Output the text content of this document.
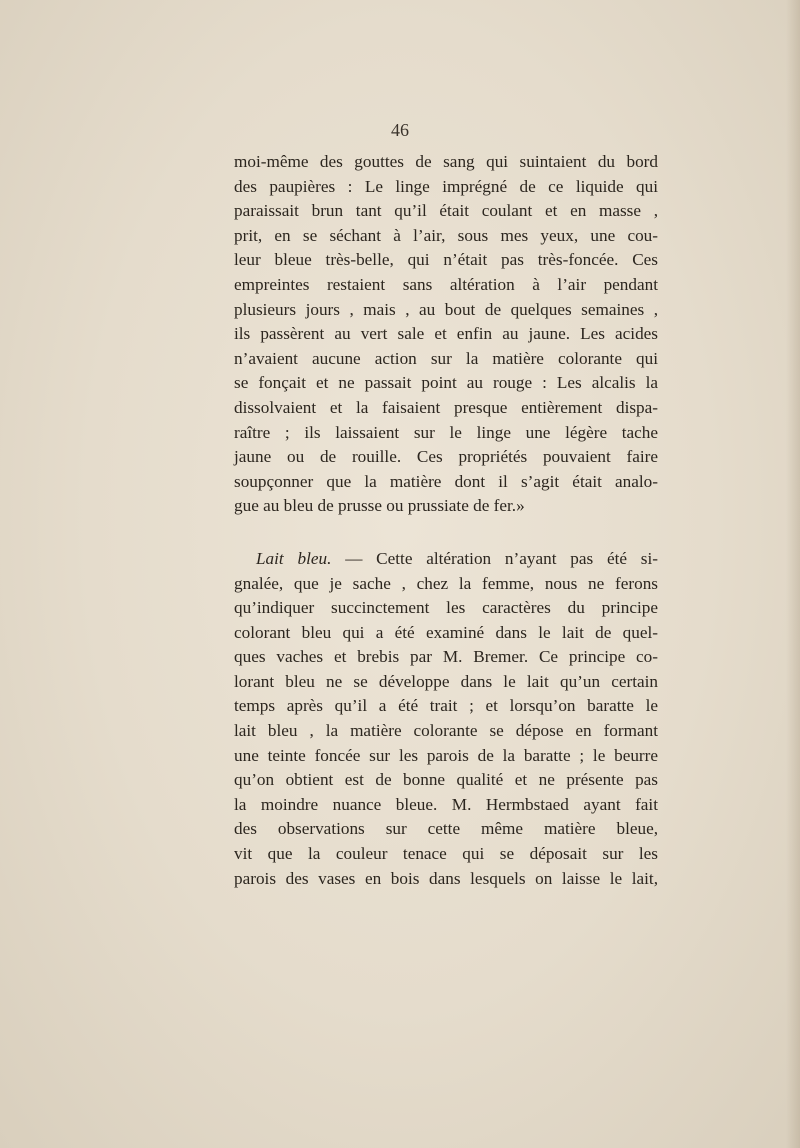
46
moi-même des gouttes de sang qui suintaient du bord
des paupières : Le linge imprégné de ce liquide qui
paraissait brun tant qu’il était coulant et en masse ,
prit, en se séchant à l’air, sous mes yeux, une cou-
leur bleue très-belle, qui n’était pas très-foncée. Ces
empreintes restaient sans altération à l’air pendant
plusieurs jours , mais , au bout de quelques semaines ,
ils passèrent au vert sale et enfin au jaune. Les acides
n’avaient aucune action sur la matière colorante qui
se fonçait et ne passait point au rouge : Les alcalis la
dissolvaient et la faisaient presque entièrement dispa-
raître ; ils laissaient sur le linge une légère tache
jaune ou de rouille. Ces propriétés pouvaient faire
soupçonner que la matière dont il s’agit était analo-
gue au bleu de prusse ou prussiate de fer.»
Lait bleu. — Cette altération n’ayant pas été si-
gnalée, que je sache , chez la femme, nous ne ferons
qu’indiquer succinctement les caractères du principe
colorant bleu qui a été examiné dans le lait de quel-
ques vaches et brebis par M. Bremer. Ce principe co-
lorant bleu ne se développe dans le lait qu’un certain
temps après qu’il a été trait ; et lorsqu’on baratte le
lait bleu , la matière colorante se dépose en formant
une teinte foncée sur les parois de la baratte ; le beurre
qu’on obtient est de bonne qualité et ne présente pas
la moindre nuance bleue. M. Hermbstaed ayant fait
des observations sur cette même matière bleue,
vit que la couleur tenace qui se déposait sur les
parois des vases en bois dans lesquels on laisse le lait,
